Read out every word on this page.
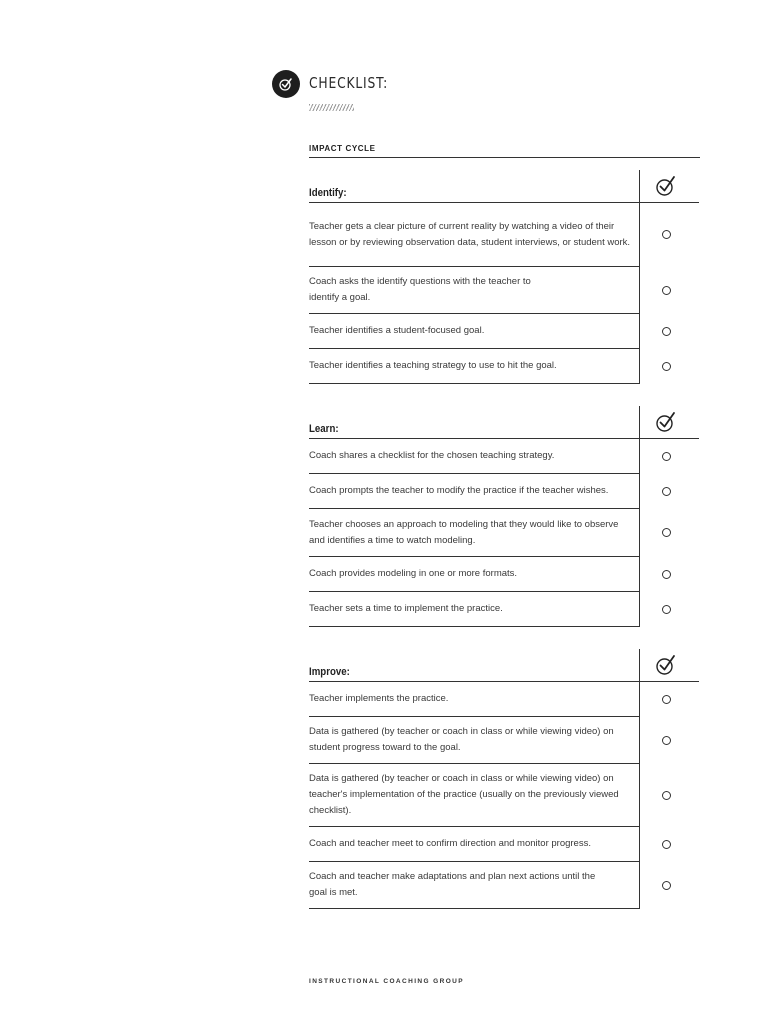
CHECKLIST:
IMPACT CYCLE
Identify:
Teacher gets a clear picture of current reality by watching a video of their lesson or by reviewing observation data, student interviews, or student work.
Coach asks the identify questions with the teacher to identify a goal.
Teacher identifies a student-focused goal.
Teacher identifies a teaching strategy to use to hit the goal.
Learn:
Coach shares a checklist for the chosen teaching strategy.
Coach prompts the teacher to modify the practice if the teacher wishes.
Teacher chooses an approach to modeling that they would like to observe and identifies a time to watch modeling.
Coach provides modeling in one or more formats.
Teacher sets a time to implement the practice.
Improve:
Teacher implements the practice.
Data is gathered (by teacher or coach in class or while viewing video) on student progress toward to the goal.
Data is gathered (by teacher or coach in class or while viewing video) on teacher's implementation of the practice (usually on the previously viewed checklist).
Coach and teacher meet to confirm direction and monitor progress.
Coach and teacher make adaptations and plan next actions until the goal is met.
INSTRUCTIONAL COACHING GROUP
